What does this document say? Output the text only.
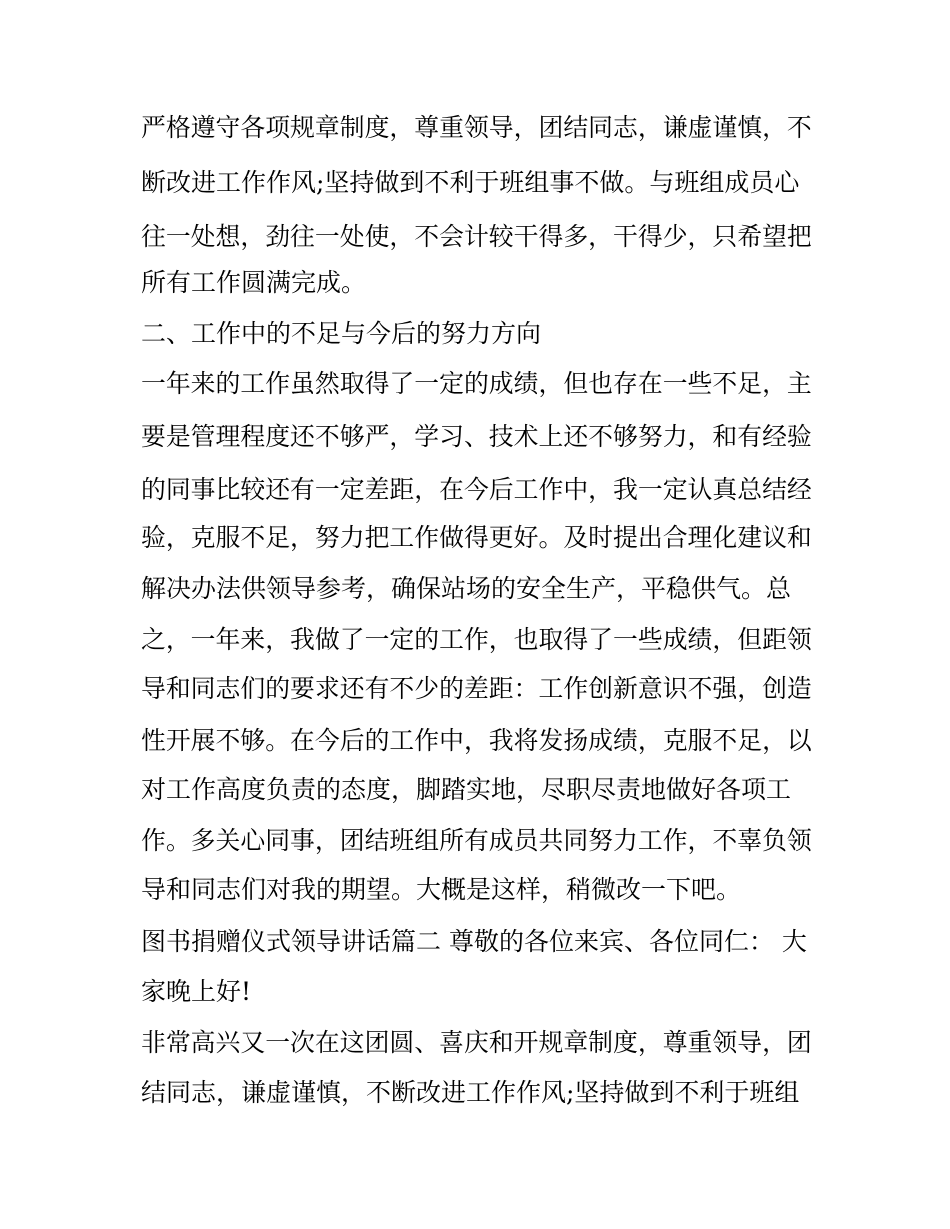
严格遵守各项规章制度，尊重领导，团结同志，谦虚谨慎，不
断改进工作作风;坚持做到不利于班组事不做。与班组成员心
往一处想，劲往一处使，不会计较干得多，干得少，只希望把
所有工作圆满完成。
二、工作中的不足与今后的努力方向
一年来的工作虽然取得了一定的成绩，但也存在一些不足，主
要是管理程度还不够严，学习、技术上还不够努力，和有经验
的同事比较还有一定差距，在今后工作中，我一定认真总结经
验，克服不足，努力把工作做得更好。及时提出合理化建议和
解决办法供领导参考，确保站场的安全生产，平稳供气。总
之，一年来，我做了一定的工作，也取得了一些成绩，但距领
导和同志们的要求还有不少的差距：工作创新意识不强，创造
性开展不够。在今后的工作中，我将发扬成绩，克服不足，以
对工作高度负责的态度，脚踏实地，尽职尽责地做好各项工
作。多关心同事，团结班组所有成员共同努力工作，不辜负领
导和同志们对我的期望。大概是这样，稍微改一下吧。
图书捐赠仪式领导讲话篇二 尊敬的各位来宾、各位同仁： 大
家晚上好!
非常高兴又一次在这团圆、喜庆和开规章制度，尊重领导，团
结同志，谦虚谨慎，不断改进工作作风;坚持做到不利于班组
